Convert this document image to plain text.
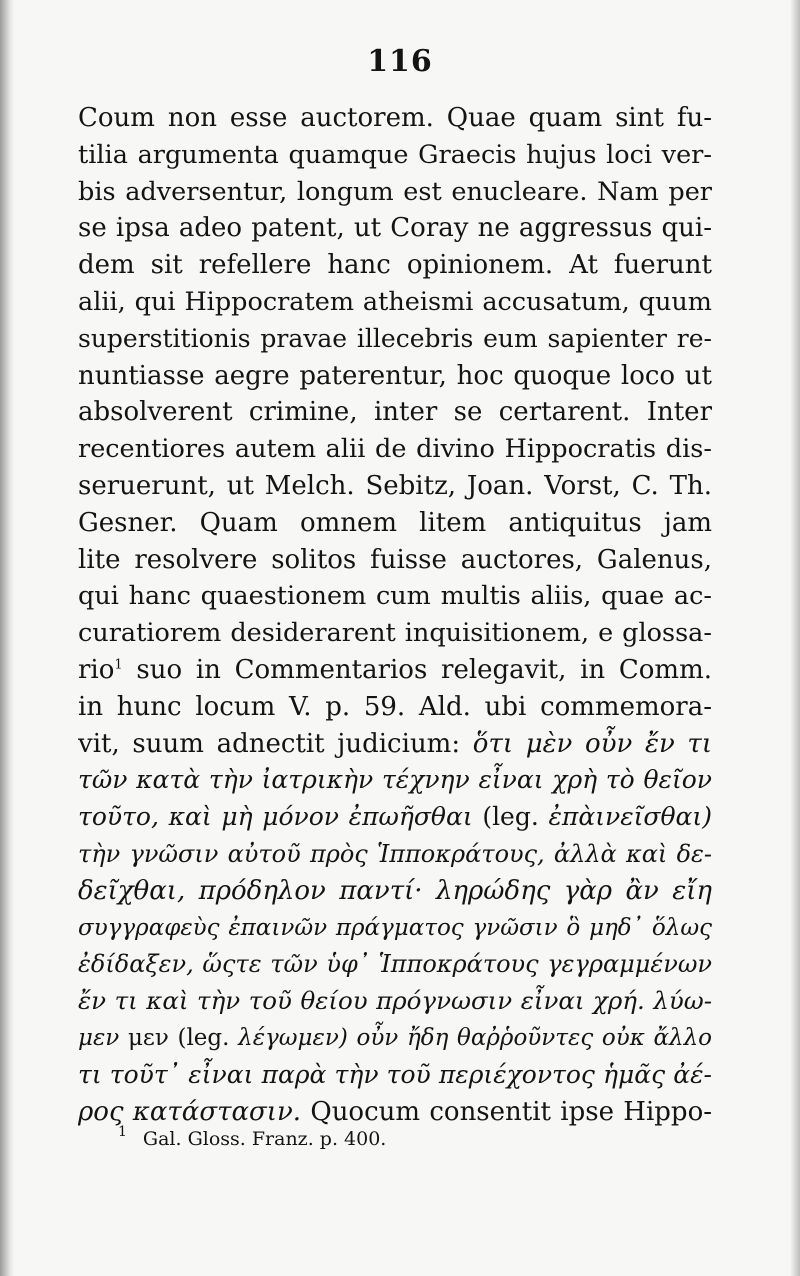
116
Coum non esse auctorem. Quae quam sint fu-
tilia argumenta quamque Graecis hujus loci ver-
bis adversentur, longum est enucleare. Nam per
se ipsa adeo patent, ut Coray ne aggressus qui-
dem sit refellere hanc opinionem. At fuerunt
alii, qui Hippocratem atheismi accusatum, quum
superstitionis pravae illecebris eum sapienter re-
nuntiasse aegre paterentur, hoc quoque loco ut
absolverent crimine, inter se certarent. Inter
recentiores autem alii de divino Hippocratis dis-
seruerunt, ut Melch. Sebitz, Joan. Vorst, C. Th.
Gesner. Quam omnem litem antiquitus jam
lite resolvere solitos fuisse auctores, Galenus,
qui hanc quaestionem cum multis aliis, quae ac-
curatiorem desiderarent inquisitionem, e glossa-
rio$^1$ suo in Commentarios relegavit, in Comm.
in hunc locum V. p. 59. Ald. ubi commemora-
vit, suum adnectit judicium: ὅτι μὲν οὖν ἔν τι
τῶν κατὰ τὴν ἰατρικὴν τέχνην εἶναι χρὴ τὸ θεῖον
τοῦτο, καὶ μὴ μόνον ἐπωῆσθαι (leg. ἐπὰινεῖσθαι)
τὴν γνῶσιν αὐτοῦ πρὸς Ἱπποκράτους, ἀλλὰ καὶ δε-
δεῖχθαι, πρόδηλον παντί· ληρώδης γὰρ ἂν εἴη
συγγραφεὺς ἐπαινῶν πράγματος γνῶσιν ὃ μηδ᾿ ὅλως
ἐδίδαξεν, ὥςτε τῶν ὑφ᾿ Ἱπποκράτους γεγραμμένων
ἔν τι καὶ τὴν τοῦ θείου πρόγνωσιν εἶναι χρή. λύω-
μεν μεν (leg. λέγωμεν) οὖν ἤδη θαῤῥοῦντες οὐκ ἄλλο
τι τοῦτ᾿ εἶναι παρὰ τὴν τοῦ περιέχοντος ἡμᾶς ἀέ-
ρος κατάστασιν. Quocum consentit ipse Hippo-
$^1$ Gal. Gloss. Franz. p. 400.
